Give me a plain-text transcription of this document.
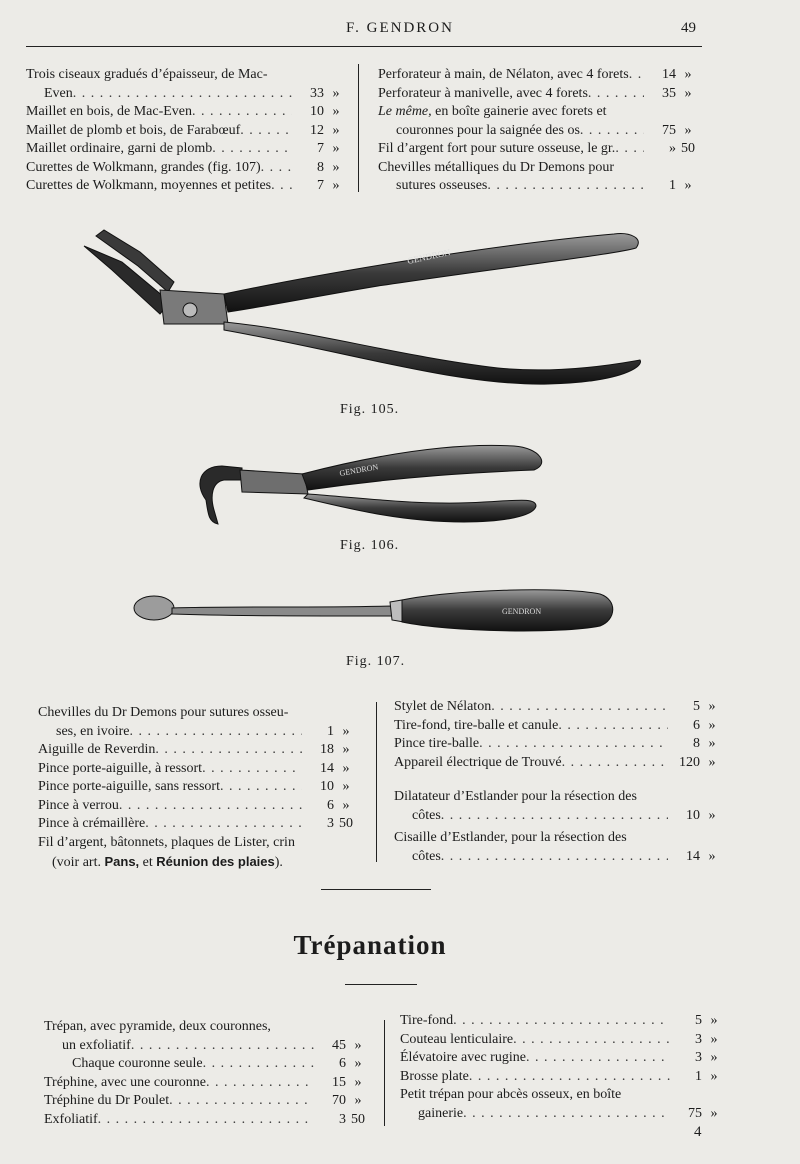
F. GENDRON	49
Trois ciseaux gradués d’épaisseur, de Mac-
Even . . .	33 »
Maillet en bois, de Mac-Even . . .	10 »
Maillet de plomb et bois, de Farabœuf . . .	12 »
Maillet ordinaire, garni de plomb . . .	7 »
Curettes de Wolkmann, grandes (fig. 107) . . .	8 »
Curettes de Wolkmann, moyennes et petites . . .	7 »
Perforateur à main, de Nélaton, avec 4 forets . . .	14 »
Perforateur à manivelle, avec 4 forets . . .	35 »
Le même, en boîte gainerie avec forets et
couronnes pour la saignée des os . . .	75 »
Fil d’argent fort pour suture osseuse, le gr. . . .	» 50
Chevilles métalliques du Dr Demons pour
sutures osseuses . . .	1 »
GENDRON
Fig. 105.
GENDRON
Fig. 106.
GENDRON
Fig. 107.
Chevilles du Dr Demons pour sutures osseu-
ses, en ivoire . . .	1 »
Aiguille de Reverdin . . .	18 »
Pince porte-aiguille, à ressort . . .	14 »
Pince porte-aiguille, sans ressort . . .	10 »
Pince à verrou . . .	6 »
Pince à crémaillère . . .	3 50
Fil d’argent, bâtonnets, plaques de Lister, crin
(voir art. Pans, et Réunion des plaies).
Stylet de Nélaton . . .	5 »
Tire-fond, tire-balle et canule . . .	6 »
Pince tire-balle . . .	8 »
Appareil électrique de Trouvé . . .	120 »
Dilatateur d’Estlander pour la résection des
côtes . . .	10 »
Cisaille d’Estlander, pour la résection des
côtes . . .	14 »
Trépanation
Trépan, avec pyramide, deux couronnes,
un exfoliatif . . .	45 »
Chaque couronne seule . . .	6 »
Tréphine, avec une couronne . . .	15 »
Tréphine du Dr Poulet . . .	70 »
Exfoliatif . . .	3 50
Tire-fond . . .	5 »
Couteau lenticulaire . . .	3 »
Élévatoire avec rugine . . .	3 »
Brosse plate . . .	1 »
Petit trépan pour abcès osseux, en boîte
gainerie . . .	75 »
4
